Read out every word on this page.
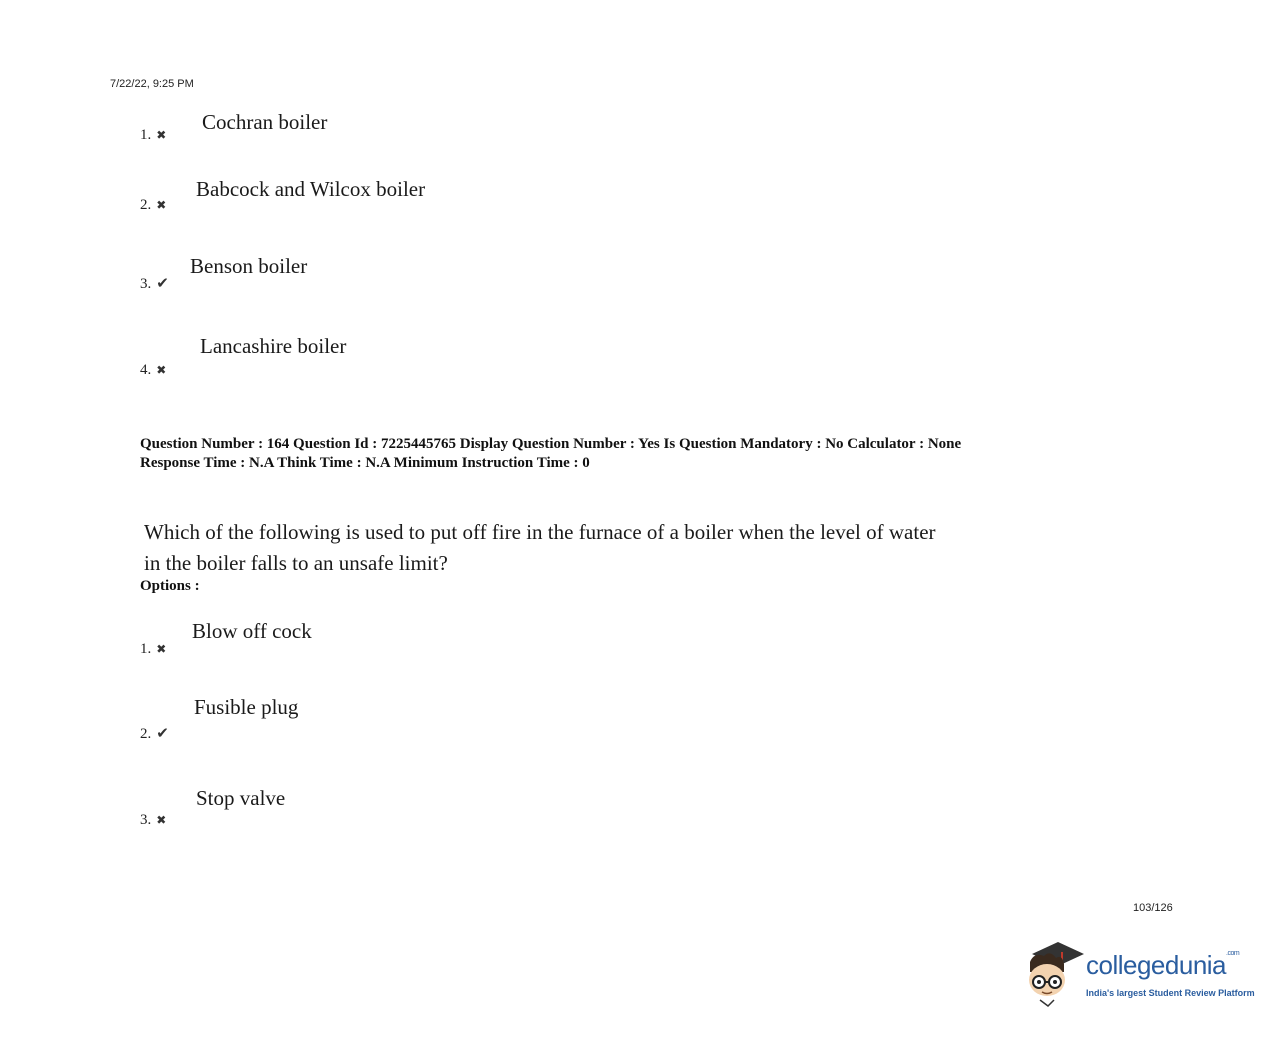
7/22/22, 9:25 PM
1. ✖
Cochran boiler
2. ✖
Babcock and Wilcox boiler
3. ✔
Benson boiler
4. ✖
Lancashire boiler
Question Number : 164 Question Id : 7225445765 Display Question Number : Yes Is Question Mandatory : No Calculator : None
Response Time : N.A Think Time : N.A Minimum Instruction Time : 0
Which of the following is used to put off fire in the furnace of a boiler when the level of water
in the boiler falls to an unsafe limit?
Options :
1. ✖
Blow off cock
2. ✔
Fusible plug
3. ✖
Stop valve
103/126
collegedunia$^{.com}$
India's largest Student Review Platform
